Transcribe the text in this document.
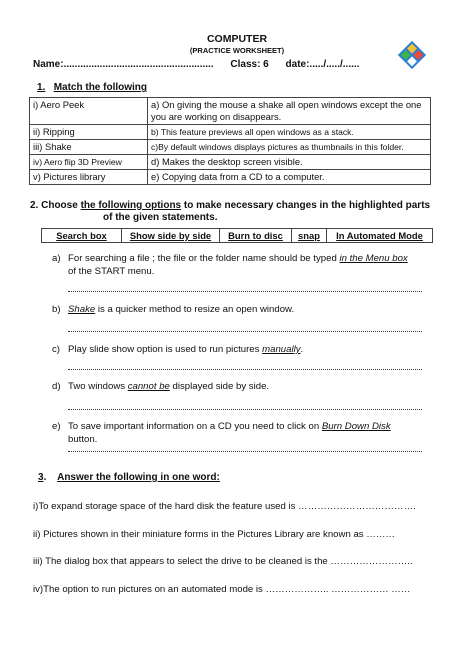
COMPUTER
(PRACTICE WORKSHEET)
Name:...................................................... Class: 6 date:...../...../......
1. Match the following
i) Aero Peek	a) On giving the mouse a shake all open windows except the one you are working on disappears.
ii) Ripping	b) This feature previews all open windows as a stack.
iii) Shake	c)By default windows displays pictures as thumbnails in this folder.
iv) Aero flip 3D Preview	d) Makes the desktop screen visible.
v) Pictures library	e) Copying data from a CD to a computer.
2. Choose the following options to make necessary changes in the highlighted parts
of the given statements.
Search box	Show side by side	Burn to disc	snap	In Automated Mode
a) For searching a file ; the file or the folder name should be typed in the Menu box
of the START menu.
b) Shake is a quicker method to resize an open window.
c) Play slide show option is used to run pictures manually.
d) Two windows cannot be displayed side by side.
e) To save important information on a CD you need to click on Burn Down Disk
button.
3. Answer the following in one word:
i)To expand storage space of the hard disk the feature used is ……………………………….
ii) Pictures shown in their miniature forms in the Pictures Library are known as ………
iii) The dialog box that appears to select the drive to be cleaned is the ……………………..
iv)The option to run pictures on an automated mode is ……………….. ……………… ……
